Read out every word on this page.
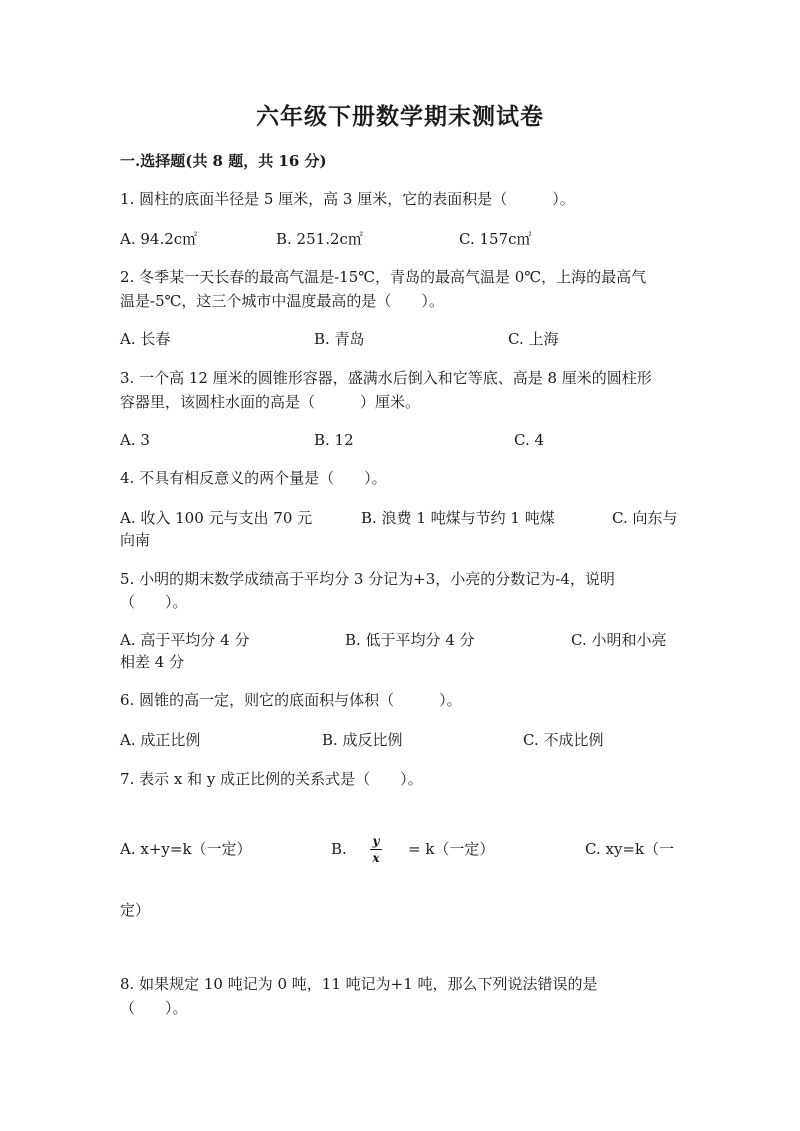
六年级下册数学期末测试卷
一.选择题(共 8 题，共 16 分)
1. 圆柱的底面半径是 5 厘米，高 3 厘米，它的表面积是（　　　）。
A. 94.2c㎡	B. 251.2c㎡	C. 157c㎡
2. 冬季某一天长春的最高气温是-15℃，青岛的最高气温是 0℃，上海的最高气
温是-5℃，这三个城市中温度最高的是（　　）。
A. 长春	B. 青岛	C. 上海
3. 一个高 12 厘米的圆锥形容器，盛满水后倒入和它等底、高是 8 厘米的圆柱形
容器里，该圆柱水面的高是（　　　）厘米。
A. 3	B. 12	C. 4
4. 不具有相反意义的两个量是（　　）。
A. 收入 100 元与支出 70 元	B. 浪费 1 吨煤与节约 1 吨煤	C. 向东与
向南
5. 小明的期末数学成绩高于平均分 3 分记为+3，小亮的分数记为-4，说明
（　　）。
A. 高于平均分 4 分	B. 低于平均分 4 分	C. 小明和小亮
相差 4 分
6. 圆锥的高一定，则它的底面积与体积（　　　）。
A. 成正比例	B. 成反比例	C. 不成比例
7. 表示 x 和 y 成正比例的关系式是（　　）。
A. x+y=k（一定）	B. y
x = k（一定）	C. xy=k（一
定）
8. 如果规定 10 吨记为 0 吨，11 吨记为+1 吨，那么下列说法错误的是
（　　）。
